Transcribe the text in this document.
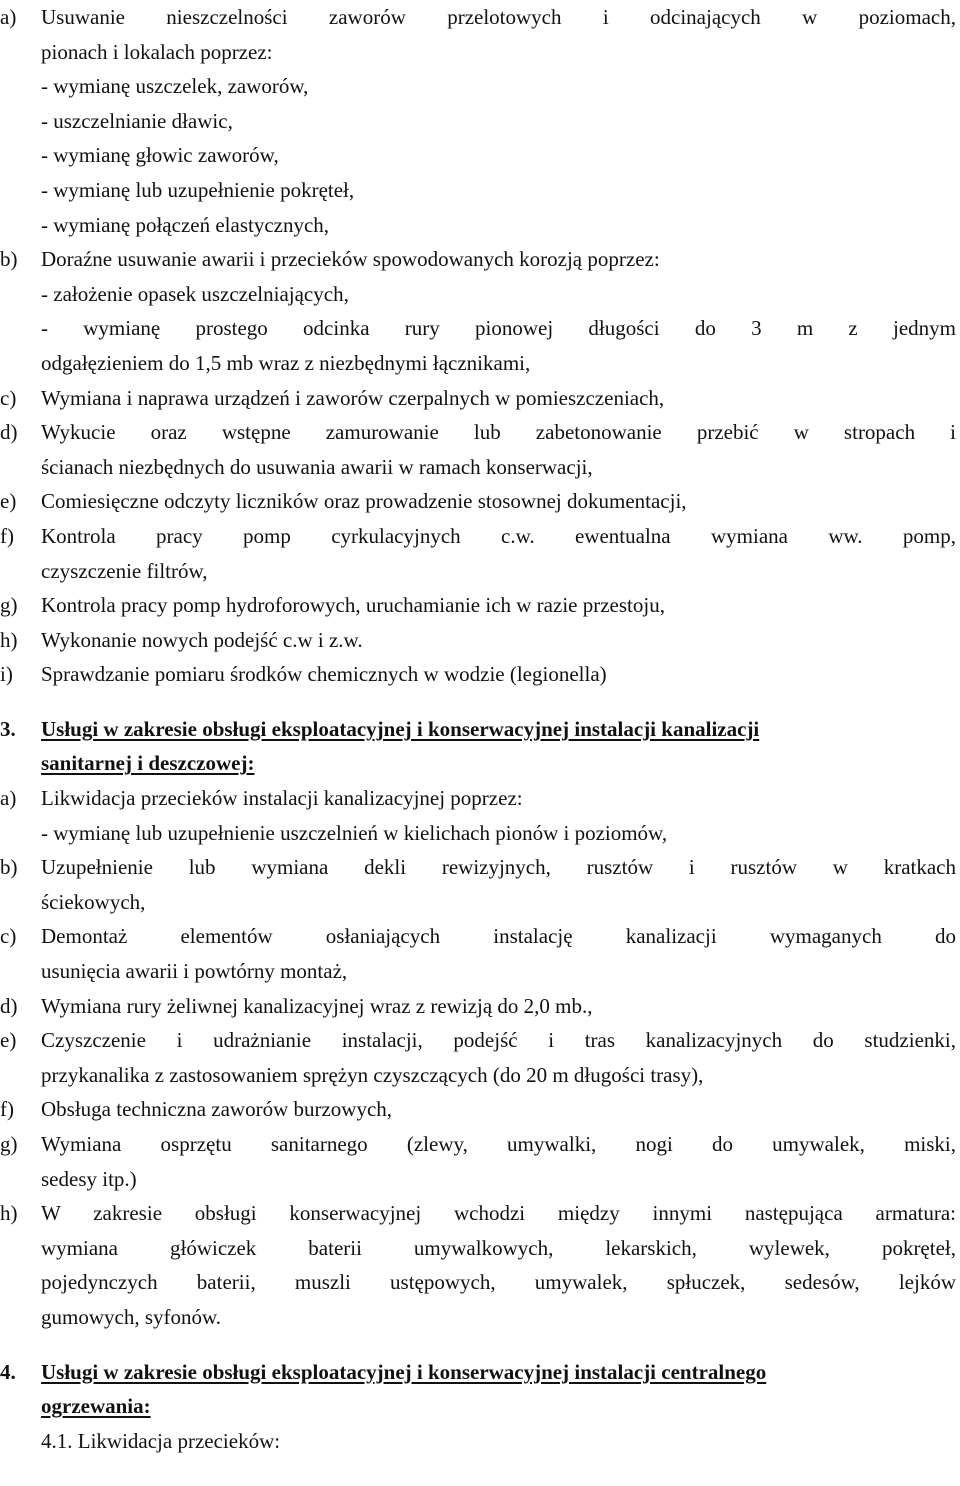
a)	Usuwanie nieszczelności zaworów przelotowych i odcinających w poziomach,
pionach i lokalach poprzez:
- wymianę uszczelek, zaworów,
- uszczelnianie dławic,
- wymianę głowic zaworów,
- wymianę lub uzupełnienie pokręteł,
- wymianę połączeń elastycznych,
b)	Doraźne usuwanie awarii i przecieków spowodowanych korozją poprzez:
- założenie opasek uszczelniających,
- wymianę prostego odcinka rury pionowej długości do 3 m z jednym
odgałęzieniem do 1,5 mb wraz z niezbędnymi łącznikami,
c)	Wymiana i naprawa urządzeń i zaworów czerpalnych w pomieszczeniach,
d)	Wykucie oraz wstępne zamurowanie lub zabetonowanie przebić w stropach i
ścianach niezbędnych do usuwania awarii w ramach konserwacji,
e)	Comiesięczne odczyty liczników oraz prowadzenie stosownej dokumentacji,
f)	Kontrola pracy pomp cyrkulacyjnych c.w. ewentualna wymiana ww. pomp,
czyszczenie filtrów,
g)	Kontrola pracy pomp hydroforowych, uruchamianie ich w razie przestoju,
h)	Wykonanie nowych podejść c.w i z.w.
i)	Sprawdzanie pomiaru środków chemicznych w wodzie (legionella)
3.	Usługi w zakresie obsługi eksploatacyjnej i konserwacyjnej instalacji kanalizacji
sanitarnej i deszczowej:
a)	Likwidacja przecieków instalacji kanalizacyjnej poprzez:
- wymianę lub uzupełnienie uszczelnień w kielichach pionów i poziomów,
b)	Uzupełnienie lub wymiana dekli rewizyjnych, rusztów i rusztów w kratkach
ściekowych,
c)	Demontaż elementów osłaniających instalację kanalizacji wymaganych do
usunięcia awarii i powtórny montaż,
d)	Wymiana rury żeliwnej kanalizacyjnej wraz z rewizją do 2,0 mb.,
e)	Czyszczenie i udrażnianie instalacji, podejść i tras kanalizacyjnych do studzienki,
przykanalika z zastosowaniem sprężyn czyszczących (do 20 m długości trasy),
f)	Obsługa techniczna zaworów burzowych,
g)	Wymiana osprzętu sanitarnego (zlewy, umywalki, nogi do umywalek, miski,
sedesy itp.)
h)	W zakresie obsługi konserwacyjnej wchodzi między innymi następująca armatura:
wymiana główiczek baterii umywalkowych, lekarskich, wylewek, pokręteł,
pojedynczych baterii, muszli ustępowych, umywalek, spłuczek, sedesów, lejków
gumowych, syfonów.
4.	Usługi w zakresie obsługi eksploatacyjnej i konserwacyjnej instalacji centralnego
ogrzewania:
4.1. Likwidacja przecieków:
